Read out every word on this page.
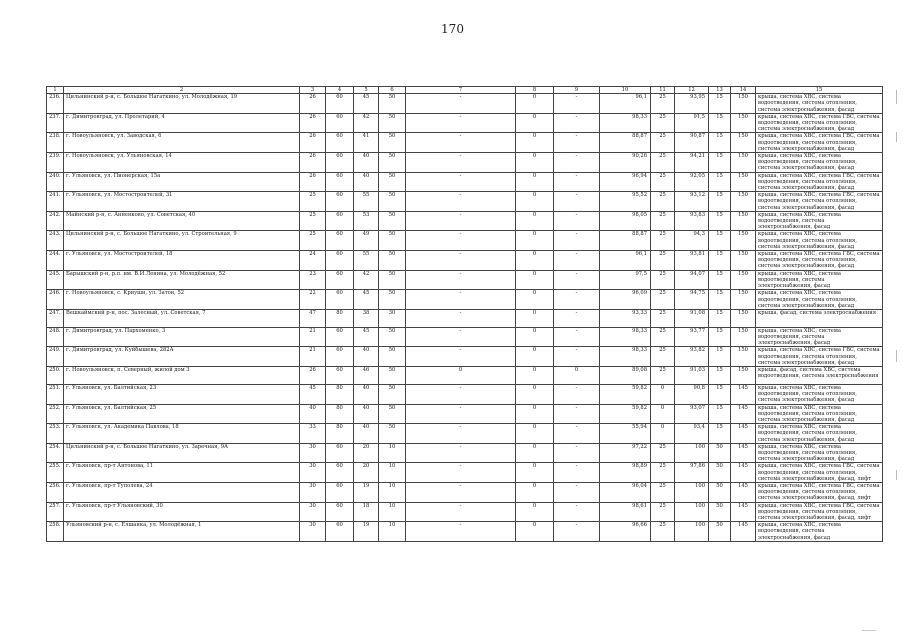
170
1	2	3	4	5	6	7	8	9	10	11	12	13	14	15
236.	Цильнинский р-н, с. Большое Нагаткино, ул. Молодёжная, 19	26	60	45	50	-	0	-	96,1	25	93,95	15	150	крыша, система ХВС, система водоотведения, система отопления, система электроснабжения, фасад
237.	г. Димитровград, ул. Пролетарий, 4	26	60	42	50	-	0	-	98,33	25	91,5	15	150	крыша, система ХВС, система ГВС, система водоотведения, система отопления, система электроснабжения, фасад
238.	г. Новоульяновск, ул. Заводская, 6	26	60	41	50	-	0	-	88,87	25	90,87	15	150	крыша, система ХВС, система ГВС, система водоотведения, система отопления, система электроснабжения, фасад
239.	г. Новоульяновск, ул. Ульяновская, 14	26	60	40	50	-	0	-	90,26	25	94,21	15	150	крыша, система ХВС, система водоотведения, система отопления, система электроснабжения, фасад
240.	г. Ульяновск, ул. Пионерская, 15а	26	60	40	50	-	0	-	96,94	25	92,05	15	150	крыша, система ХВС, система ГВС, система водоотведения, система отопления, система электроснабжения, фасад
241.	г. Ульяновск, ул. Мостостроителей, 31	25	60	55	50	-	0	-	95,52	25	93,12	15	150	крыша, система ХВС, система ГВС, система водоотведения, система отопления, система электроснабжения, фасад
242.	Майнский р-н, с. Анненково, ул. Советская, 40	25	60	53	50	-	0	-	98,05	25	93,83	15	150	крыша, система ХВС, система водоотведения, система электроснабжения, фасад
243.	Цильнинский р-н, с. Большое Нагаткино, ул. Строительная, 9	25	60	49	50	-	0	-	88,87	25	94,3	15	150	крыша, система ХВС, система водоотведения, система отопления, система электроснабжения, фасад
244.	г. Ульяновск, ул. Мостостроителей, 18	24	60	55	50	-	0	-	96,1	25	93,81	15	150	крыша, система ХВС, система ГВС, система водоотведения, система отопления, система электроснабжения, фасад
245.	Барышский р-н, р.п. им. В.И.Ленина, ул. Молодёжная, 52	23	60	42	50	-	0	-	97,5	25	94,07	15	150	крыша, система ХВС, система водоотведения, система электроснабжения, фасад
246.	г. Новоульяновск, с. Криуши, ул. Затон, 52	22	60	45	50	-	0	-	96,09	25	94,75	15	150	крыша, система ХВС, система водоотведения, система отопления, система электроснабжения, фасад
247.	Вешкаймский р-н, пос. Залесный, ул. Советская, 7	47	80	38	30	-	0	-	93,33	25	91,08	15	150	крыша, фасад, система электроснабжения
248.	г. Димитровград, ул. Пархоменко, 3	21	60	45	50	-	0	-	98,33	25	93,77	15	150	крыша, система ХВС, система водоотведения, система электроснабжения, фасад
249.	г. Димитровград, ул. Куйбышева, 282А	21	60	40	50	-	0	-	98,33	25	93,82	15	150	крыша, система ХВС, система ГВС, система водоотведения, система отопления, система электроснабжения, фасад
250.	г. Новоульяновск, п. Северный, жилой дом 3	26	60	46	50	0	0	0	89,08	25	91,03	15	150	крыша, фасад, система ХВС, система водоотведения, система электроснабжения
251.	г. Ульяновск, ул. Балтийская, 23	45	80	40	50	-	0	-	59,82	0	90,8	15	145	крыша, система ХВС, система водоотведения, система отопления, система электроснабжения, фасад
252.	г. Ульяновск, ул. Балтийская, 25	40	80	40	50	-	0	-	59,82	0	93,07	15	145	крыша, система ХВС, система водоотведения, система отопления, система электроснабжения, фасад
253.	г. Ульяновск, ул. Академика Павлова, 18	33	80	40	50	-	0	-	55,94	0	93,4	15	145	крыша, система ХВС, система водоотведения, система отопления, система электроснабжения, фасад
254.	Цильнинский р-н, с. Большое Нагаткино, ул. Заречная, 9А	30	60	20	10	-	0	-	97,22	25	100	50	145	крыша, система ХВС, система водоотведения, система отопления, система электроснабжения, фасад
255.	г. Ульяновск, пр-т Антонова, 11	30	60	20	10	-	0	-	98,89	25	97,86	50	145	крыша, система ХВС, система ГВС, система водоотведения, система отопления, система электроснабжения, фасад, лифт
256.	г. Ульяновск, пр-т Туполева, 24	30	60	19	10	-	0	-	96,04	25	100	50	145	крыша, система ХВС, система ГВС, система водоотведения, система отопления, система электроснабжения, фасад, лифт
257.	г. Ульяновск, пр-т Ульяновский, 30	30	60	18	10	-	0	-	98,61	25	100	50	145	крыша, система ХВС, система ГВС, система водоотведения, система отопления, система электроснабжения, фасад, лифт
258.	Ульяновский р-н, с. Елшанка, ул. Молодёжная, 1	30	60	19	10	-	0	-	96,66	25	100	50	145	крыша, система ХВС, система водоотведения, система электроснабжения, фасад
